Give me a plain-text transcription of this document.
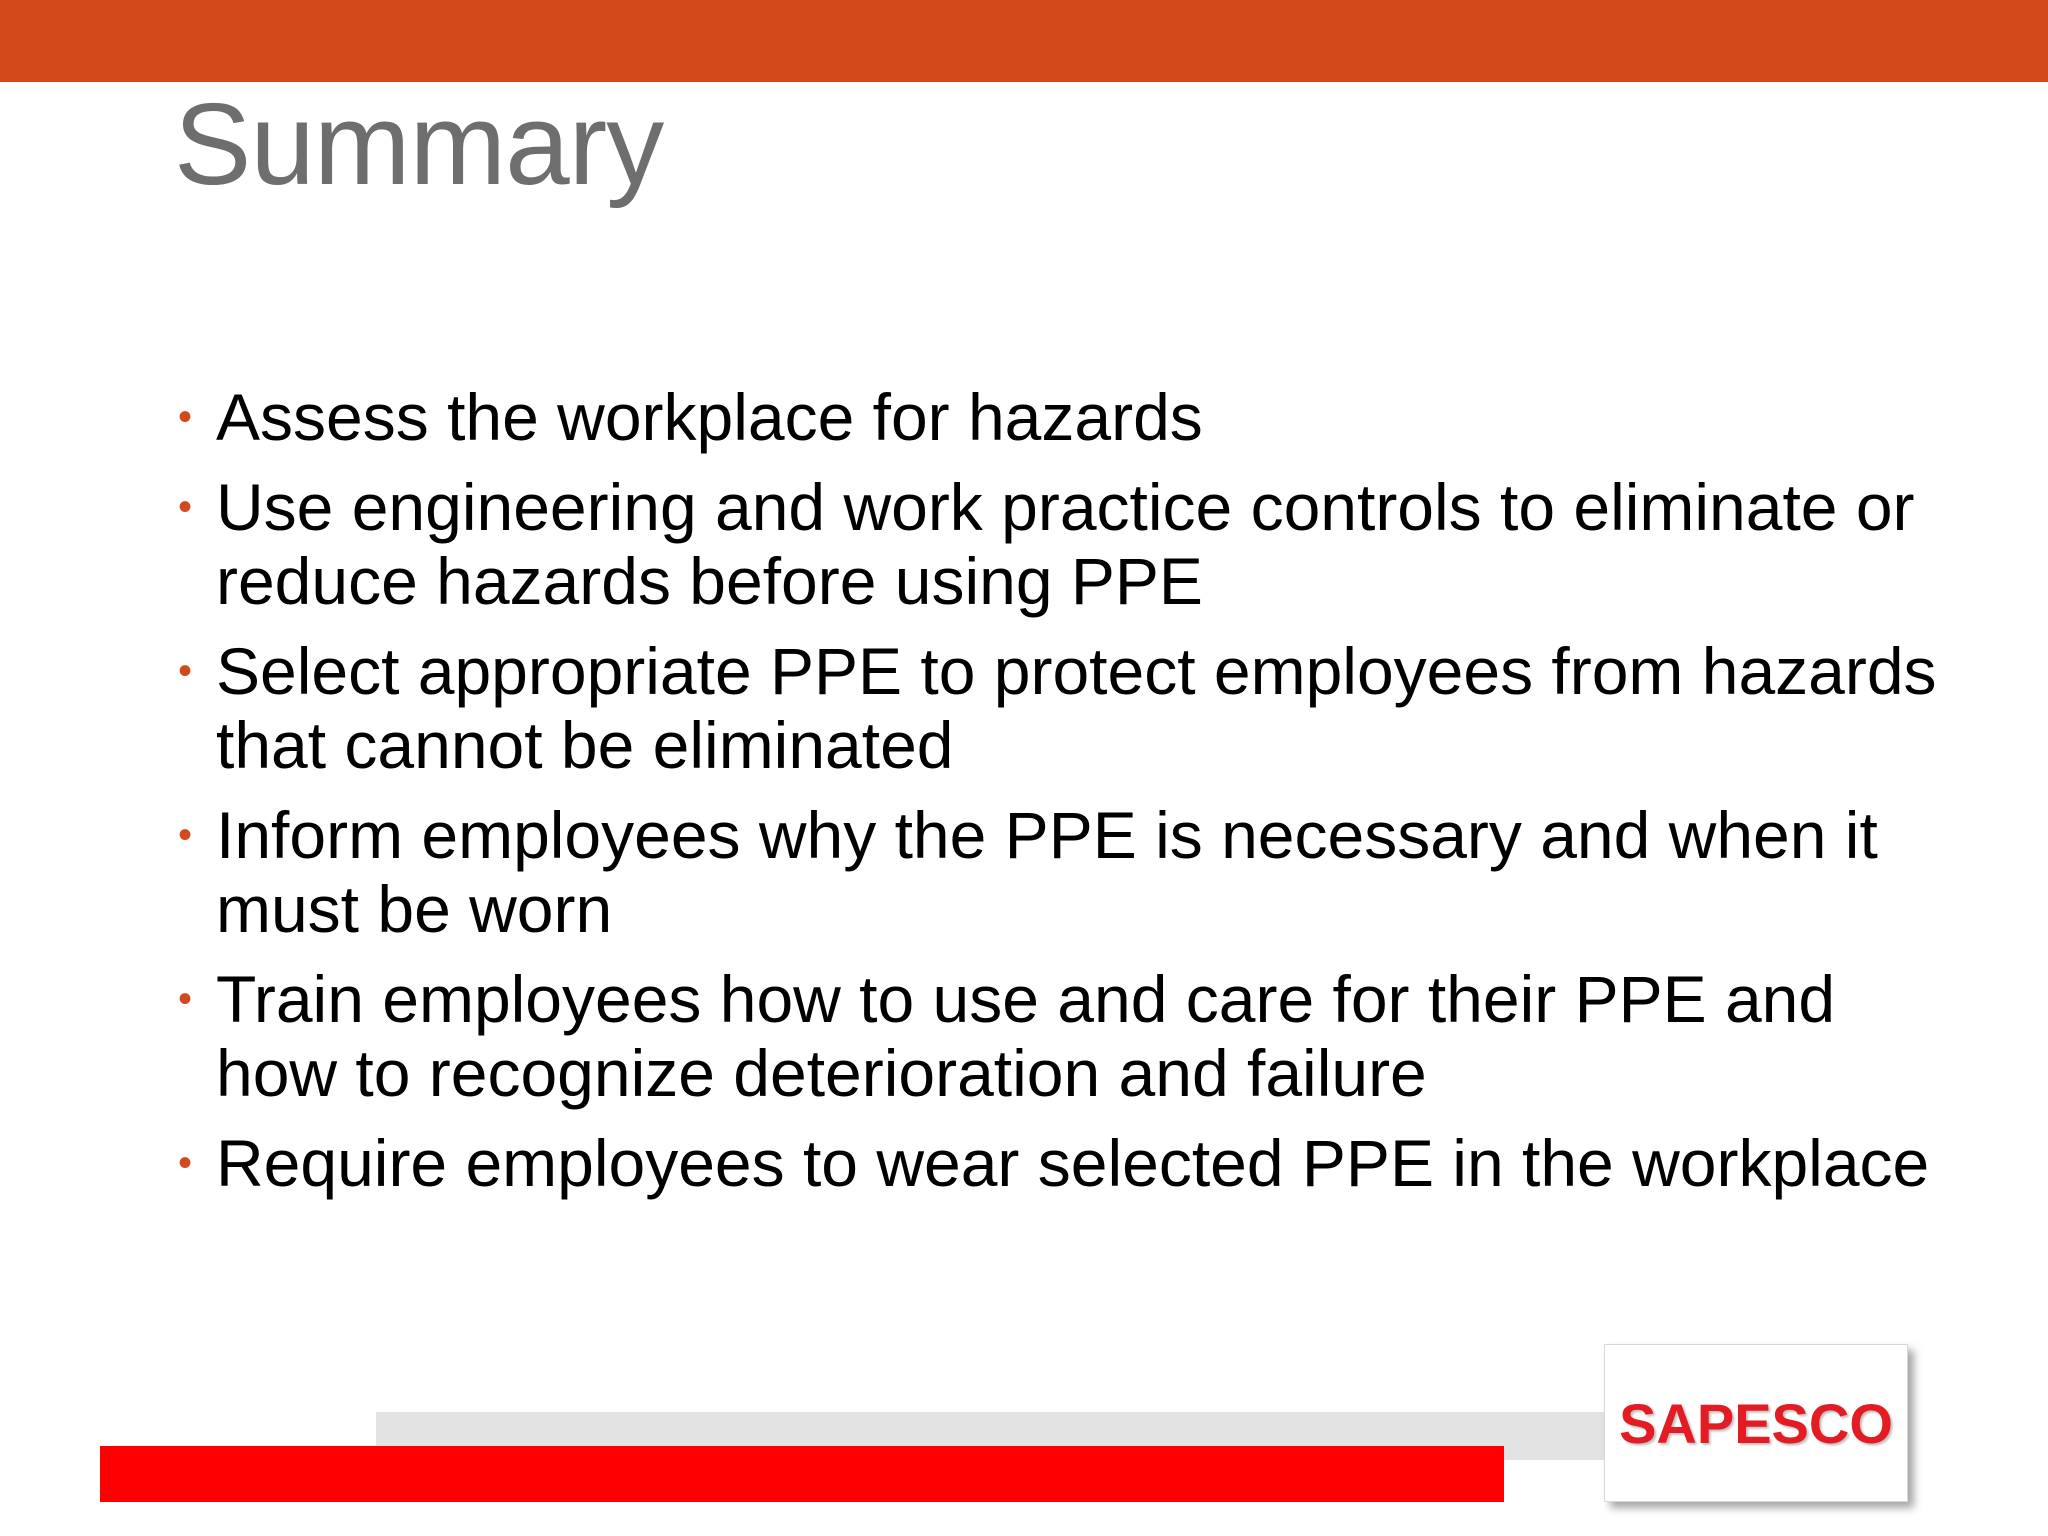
Summary
• Assess the workplace for hazards
• Use engineering and work practice controls to eliminate or reduce hazards before using PPE
• Select appropriate PPE to protect employees from hazards that cannot be eliminated
• Inform employees why the PPE is necessary and when it must be worn
• Train employees how to use and care for their PPE and how to recognize deterioration and failure
• Require employees to wear selected PPE in the workplace
SAPESCO
